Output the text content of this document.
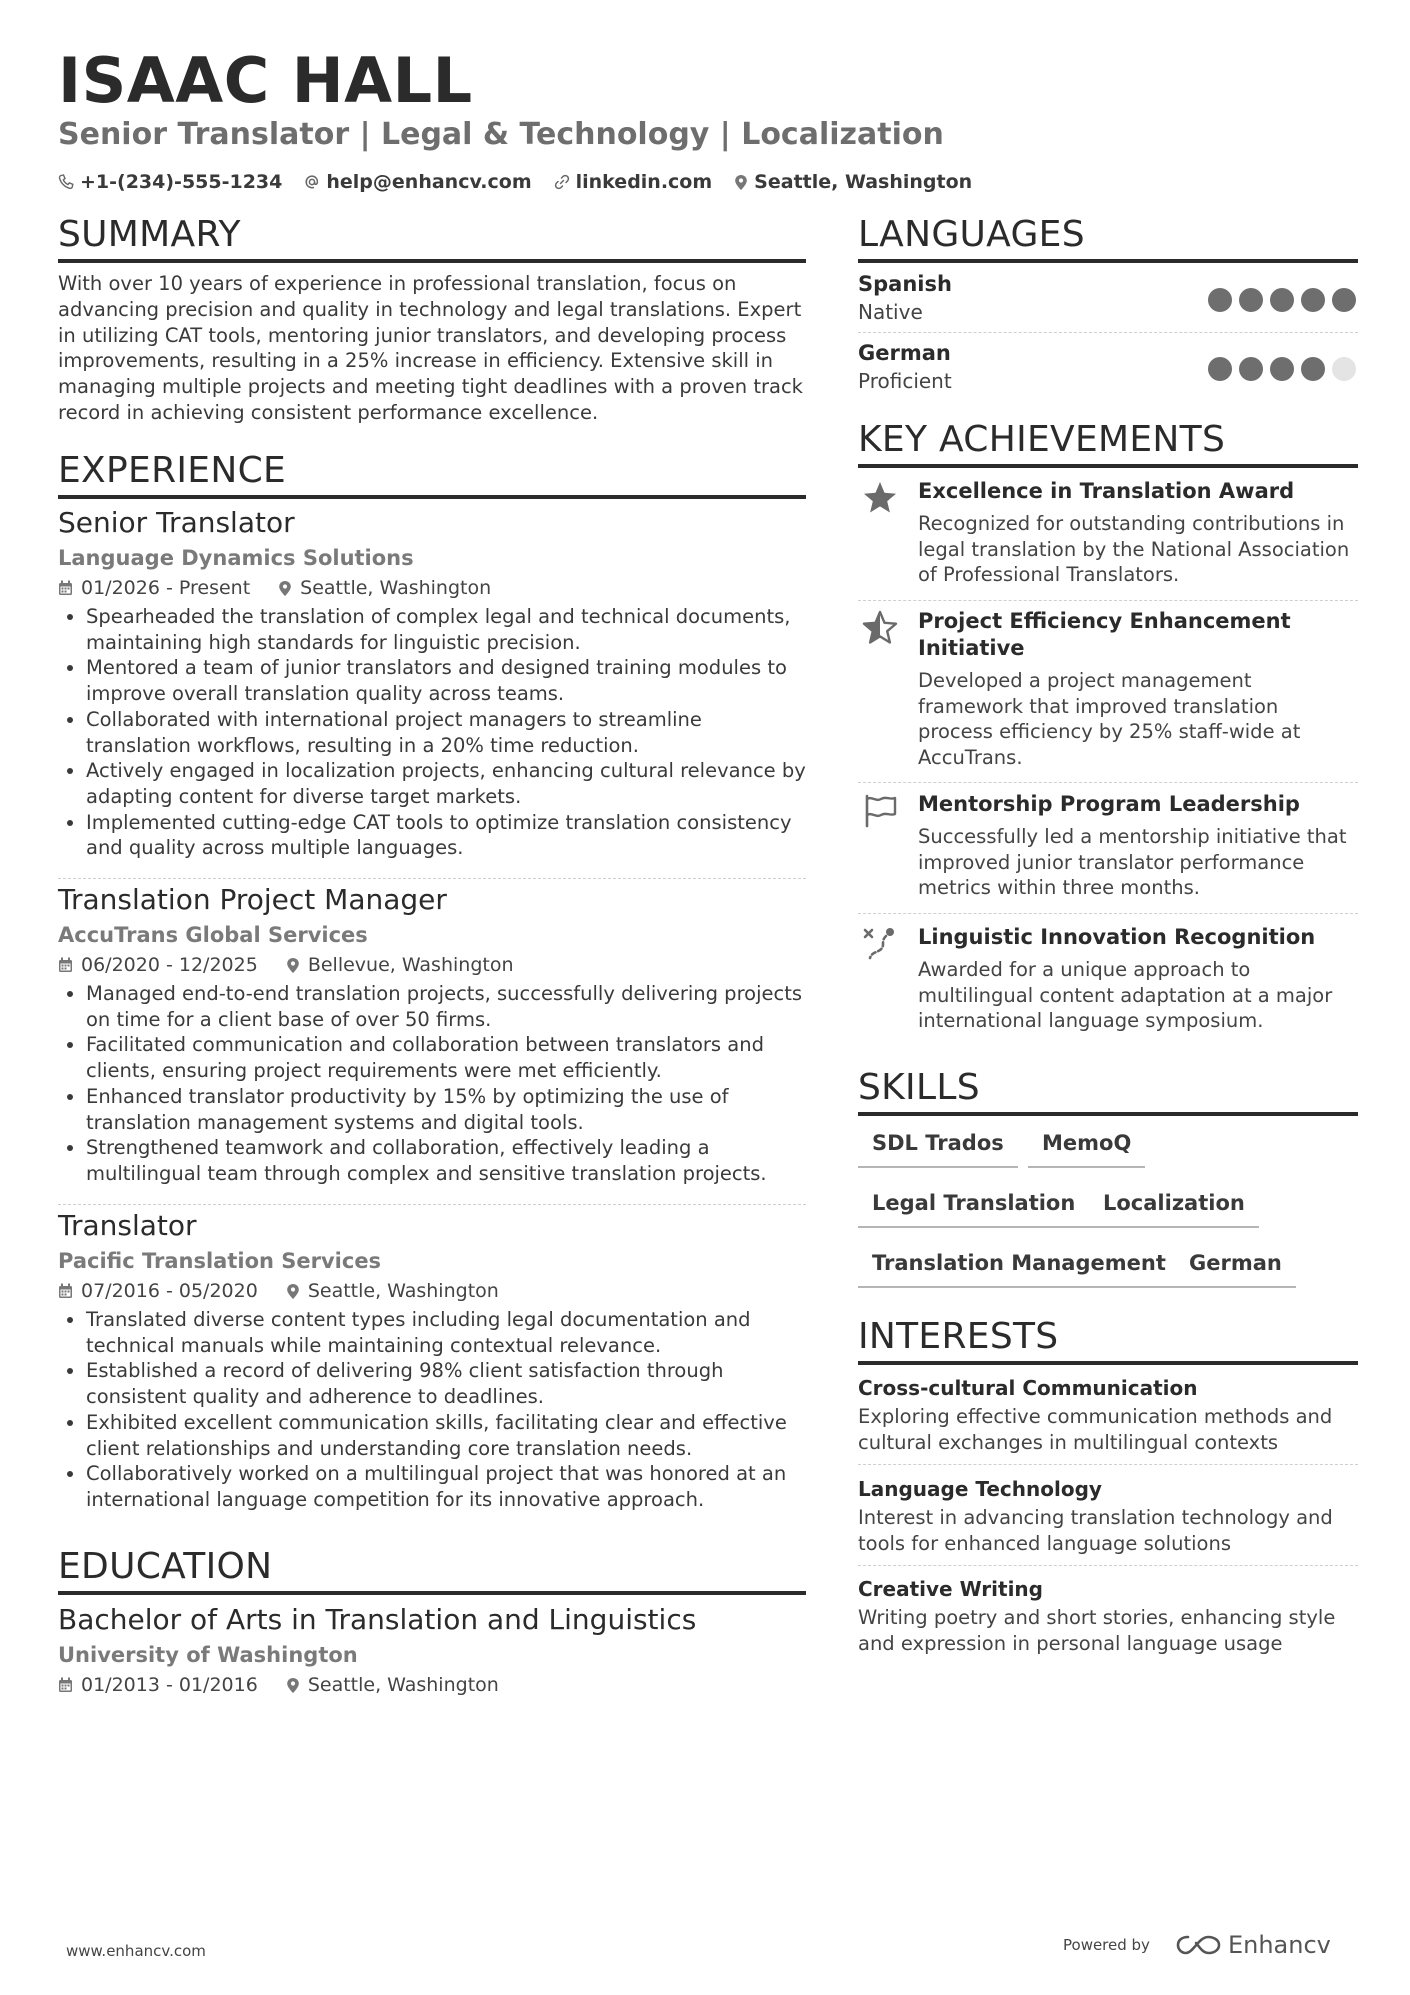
ISAAC HALL
Senior Translator | Legal & Technology | Localization
+1-(234)-555-1234 help@enhancv.com linkedin.com Seattle, Washington
SUMMARY
With over 10 years of experience in professional translation, focus on advancing precision and quality in technology and legal translations. Expert in utilizing CAT tools, mentoring junior translators, and developing process improvements, resulting in a 25% increase in efficiency. Extensive skill in managing multiple projects and meeting tight deadlines with a proven track record in achieving consistent performance excellence.
EXPERIENCE
Senior Translator
Language Dynamics Solutions
01/2026 - Present	Seattle, Washington
• Spearheaded the translation of complex legal and technical documents, maintaining high standards for linguistic precision.
• Mentored a team of junior translators and designed training modules to improve overall translation quality across teams.
• Collaborated with international project managers to streamline translation workflows, resulting in a 20% time reduction.
• Actively engaged in localization projects, enhancing cultural relevance by adapting content for diverse target markets.
• Implemented cutting-edge CAT tools to optimize translation consistency and quality across multiple languages.
Translation Project Manager
AccuTrans Global Services
06/2020 - 12/2025	Bellevue, Washington
• Managed end-to-end translation projects, successfully delivering projects on time for a client base of over 50 firms.
• Facilitated communication and collaboration between translators and clients, ensuring project requirements were met efficiently.
• Enhanced translator productivity by 15% by optimizing the use of translation management systems and digital tools.
• Strengthened teamwork and collaboration, effectively leading a multilingual team through complex and sensitive translation projects.
Translator
Pacific Translation Services
07/2016 - 05/2020	Seattle, Washington
• Translated diverse content types including legal documentation and technical manuals while maintaining contextual relevance.
• Established a record of delivering 98% client satisfaction through consistent quality and adherence to deadlines.
• Exhibited excellent communication skills, facilitating clear and effective client relationships and understanding core translation needs.
• Collaboratively worked on a multilingual project that was honored at an international language competition for its innovative approach.
EDUCATION
Bachelor of Arts in Translation and Linguistics
University of Washington
01/2013 - 01/2016	Seattle, Washington
LANGUAGES
Spanish
Native
German
Proficient
KEY ACHIEVEMENTS
Excellence in Translation Award
Recognized for outstanding contributions in legal translation by the National Association of Professional Translators.
Project Efficiency Enhancement Initiative
Developed a project management framework that improved translation process efficiency by 25% staff-wide at AccuTrans.
Mentorship Program Leadership
Successfully led a mentorship initiative that improved junior translator performance metrics within three months.
Linguistic Innovation Recognition
Awarded for a unique approach to multilingual content adaptation at a major international language symposium.
SKILLS
SDL Trados	MemoQ
Legal Translation	Localization
Translation Management	German
INTERESTS
Cross-cultural Communication
Exploring effective communication methods and cultural exchanges in multilingual contexts
Language Technology
Interest in advancing translation technology and tools for enhanced language solutions
Creative Writing
Writing poetry and short stories, enhancing style and expression in personal language usage
www.enhancv.com	Powered by	Enhancv
